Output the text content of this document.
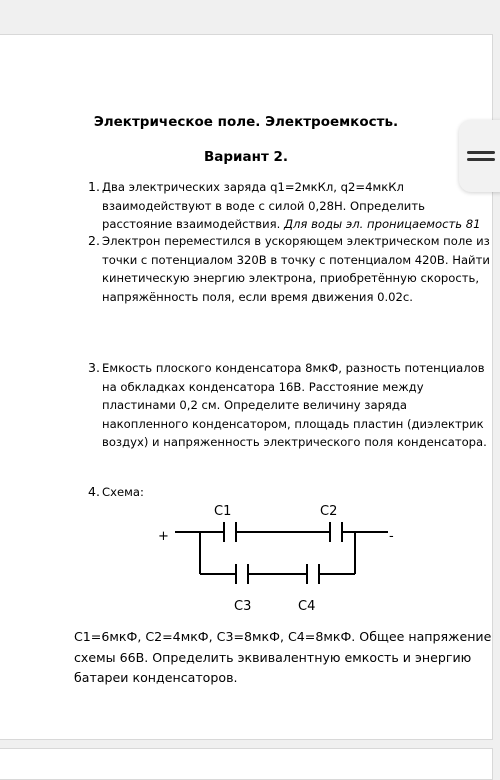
Электрическое поле. Электроемкость.
Вариант 2.
1. Два электрических заряда q1=2мкКл, q2=4мкКл взаимодействуют в воде с силой 0,28Н. Определить расстояние взаимодействия. Для воды эл. проницаемость 81
2. Электрон переместился в ускоряющем электрическом поле из точки с потенциалом 320В в точку с потенциалом 420В. Найти кинетическую энергию электрона, приобретённую скорость, напряжённость поля, если время движения 0.02с.
3. Емкость плоского конденсатора 8мкФ, разность потенциалов на обкладках конденсатора 16В. Расстояние между пластинами 0,2 см. Определите величину заряда накопленного конденсатором, площадь пластин (диэлектрик воздух) и напряженность электрического поля конденсатора.
4. Схема:
+	-
C1	C2
C3	C4
C1=6мкФ, C2=4мкФ, C3=8мкФ, C4=8мкФ. Общее напряжение схемы 66В. Определить эквивалентную емкость и энергию батареи конденсаторов.
